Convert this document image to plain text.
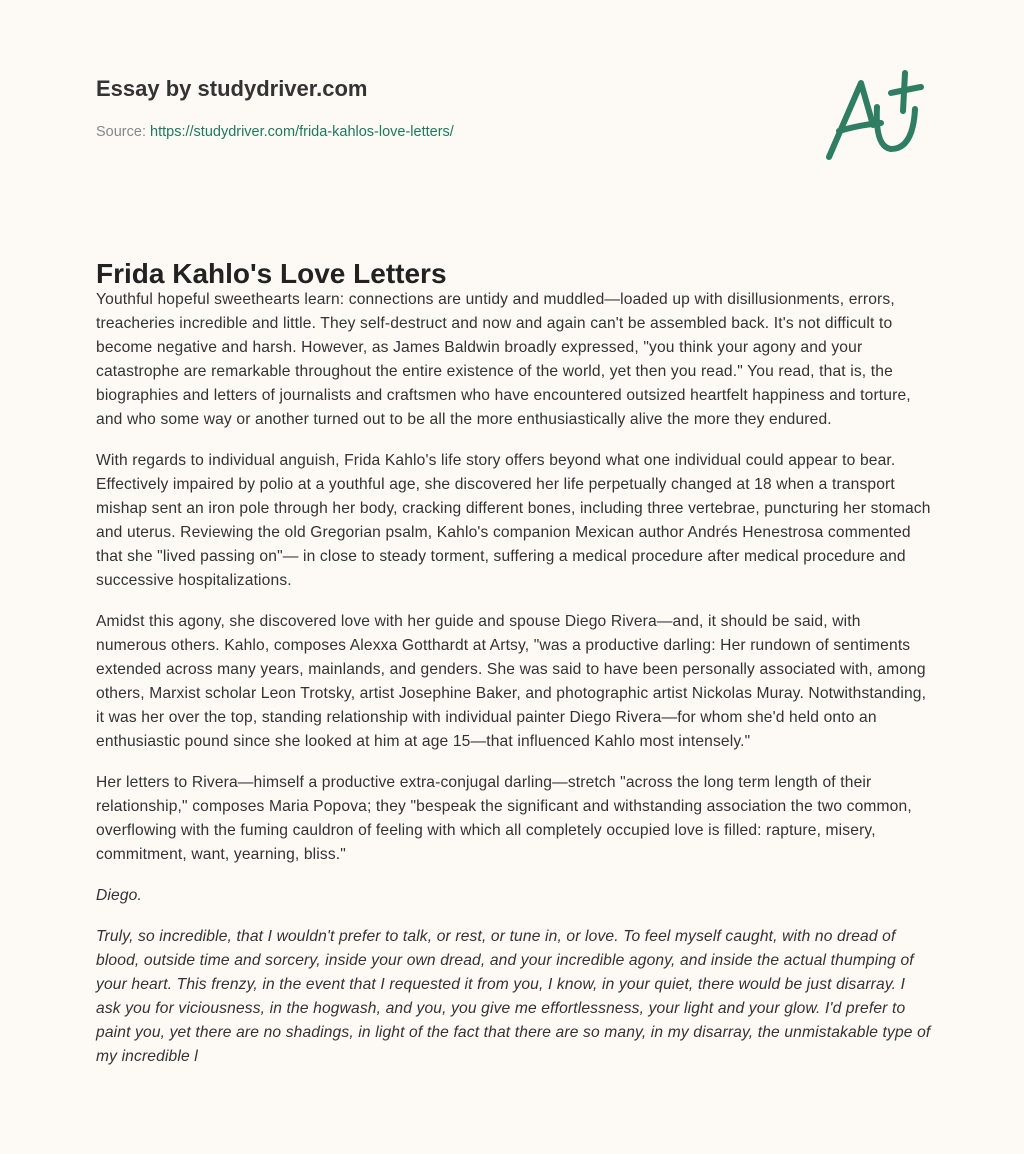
Essay by studydriver.com
Source: https://studydriver.com/frida-kahlos-love-letters/
Frida Kahlo's Love Letters

Youthful hopeful sweethearts learn: connections are untidy and muddled—loaded up with disillusionments, errors, treacheries incredible and little. They self-destruct and now and again can't be assembled back. It's not difficult to become negative and harsh. However, as James Baldwin broadly expressed, "you think your agony and your catastrophe are remarkable throughout the entire existence of the world, yet then you read." You read, that is, the biographies and letters of journalists and craftsmen who have encountered outsized heartfelt happiness and torture, and who some way or another turned out to be all the more enthusiastically alive the more they endured.

With regards to individual anguish, Frida Kahlo's life story offers beyond what one individual could appear to bear. Effectively impaired by polio at a youthful age, she discovered her life perpetually changed at 18 when a transport mishap sent an iron pole through her body, cracking different bones, including three vertebrae, puncturing her stomach and uterus. Reviewing the old Gregorian psalm, Kahlo's companion Mexican author Andrés Henestrosa commented that she "lived passing on"— in close to steady torment, suffering a medical procedure after medical procedure and successive hospitalizations.

Amidst this agony, she discovered love with her guide and spouse Diego Rivera—and, it should be said, with numerous others. Kahlo, composes Alexxa Gotthardt at Artsy, "was a productive darling: Her rundown of sentiments extended across many years, mainlands, and genders. She was said to have been personally associated with, among others, Marxist scholar Leon Trotsky, artist Josephine Baker, and photographic artist Nickolas Muray. Notwithstanding, it was her over the top, standing relationship with individual painter Diego Rivera—for whom she'd held onto an enthusiastic pound since she looked at him at age 15—that influenced Kahlo most intensely."

Her letters to Rivera—himself a productive extra-conjugal darling—stretch "across the long term length of their relationship," composes Maria Popova; they "bespeak the significant and withstanding association the two common, overflowing with the fuming cauldron of feeling with which all completely occupied love is filled: rapture, misery, commitment, want, yearning, bliss."

Diego.

Truly, so incredible, that I wouldn't prefer to talk, or rest, or tune in, or love. To feel myself caught, with no dread of blood, outside time and sorcery, inside your own dread, and your incredible agony, and inside the actual thumping of your heart. This frenzy, in the event that I requested it from you, I know, in your quiet, there would be just disarray. I ask you for viciousness, in the hogwash, and you, you give me effortlessness, your light and your glow. I'd prefer to paint you, yet there are no shadings, in light of the fact that there are so many, in my disarray, the unmistakable type of my incredible l
